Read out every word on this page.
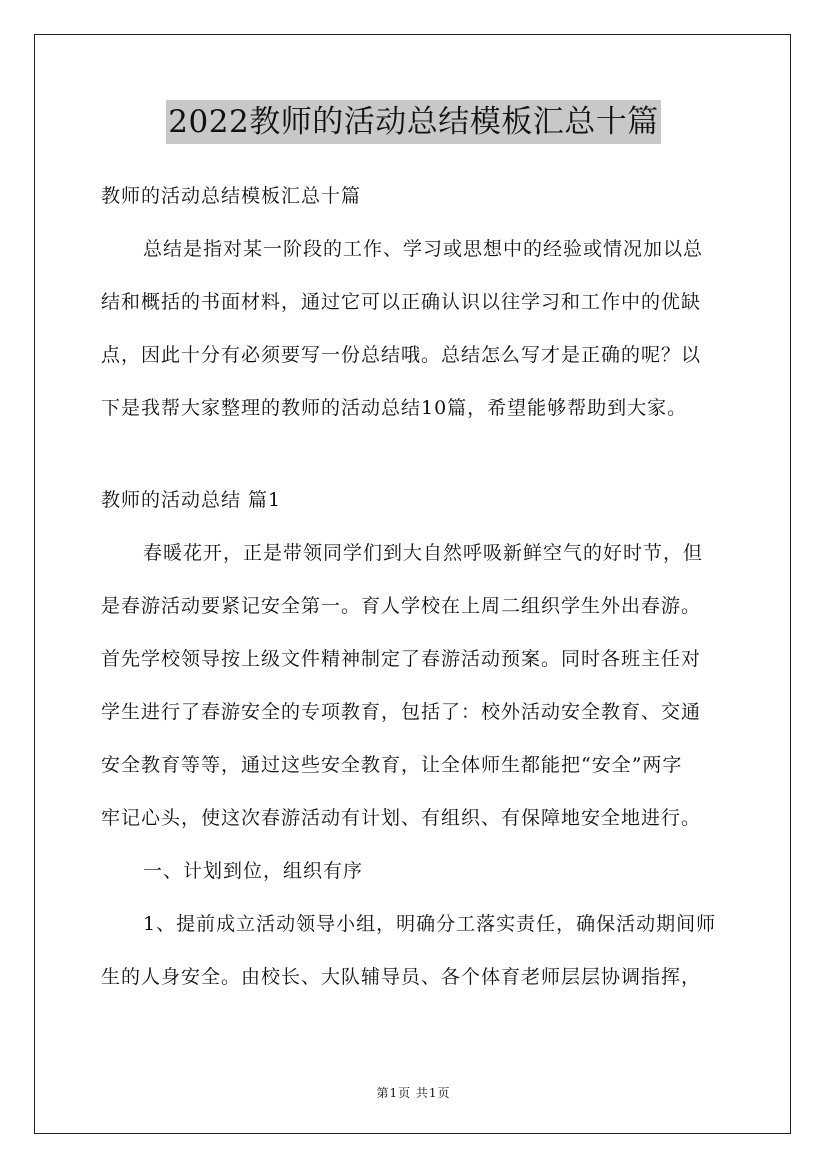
2022教师的活动总结模板汇总十篇
教师的活动总结模板汇总十篇
总结是指对某一阶段的工作、学习或思想中的经验或情况加以总
结和概括的书面材料，通过它可以正确认识以往学习和工作中的优缺
点，因此十分有必须要写一份总结哦。总结怎么写才是正确的呢？以
下是我帮大家整理的教师的活动总结10篇，希望能够帮助到大家。
教师的活动总结 篇1
春暖花开，正是带领同学们到大自然呼吸新鲜空气的好时节，但
是春游活动要紧记安全第一。育人学校在上周二组织学生外出春游。
首先学校领导按上级文件精神制定了春游活动预案。同时各班主任对
学生进行了春游安全的专项教育，包括了：校外活动安全教育、交通
安全教育等等，通过这些安全教育，让全体师生都能把“安全”两字
牢记心头，使这次春游活动有计划、有组织、有保障地安全地进行。
一、计划到位，组织有序
1、提前成立活动领导小组，明确分工落实责任，确保活动期间师
生的人身安全。由校长、大队辅导员、各个体育老师层层协调指挥，
第1页 共1页
